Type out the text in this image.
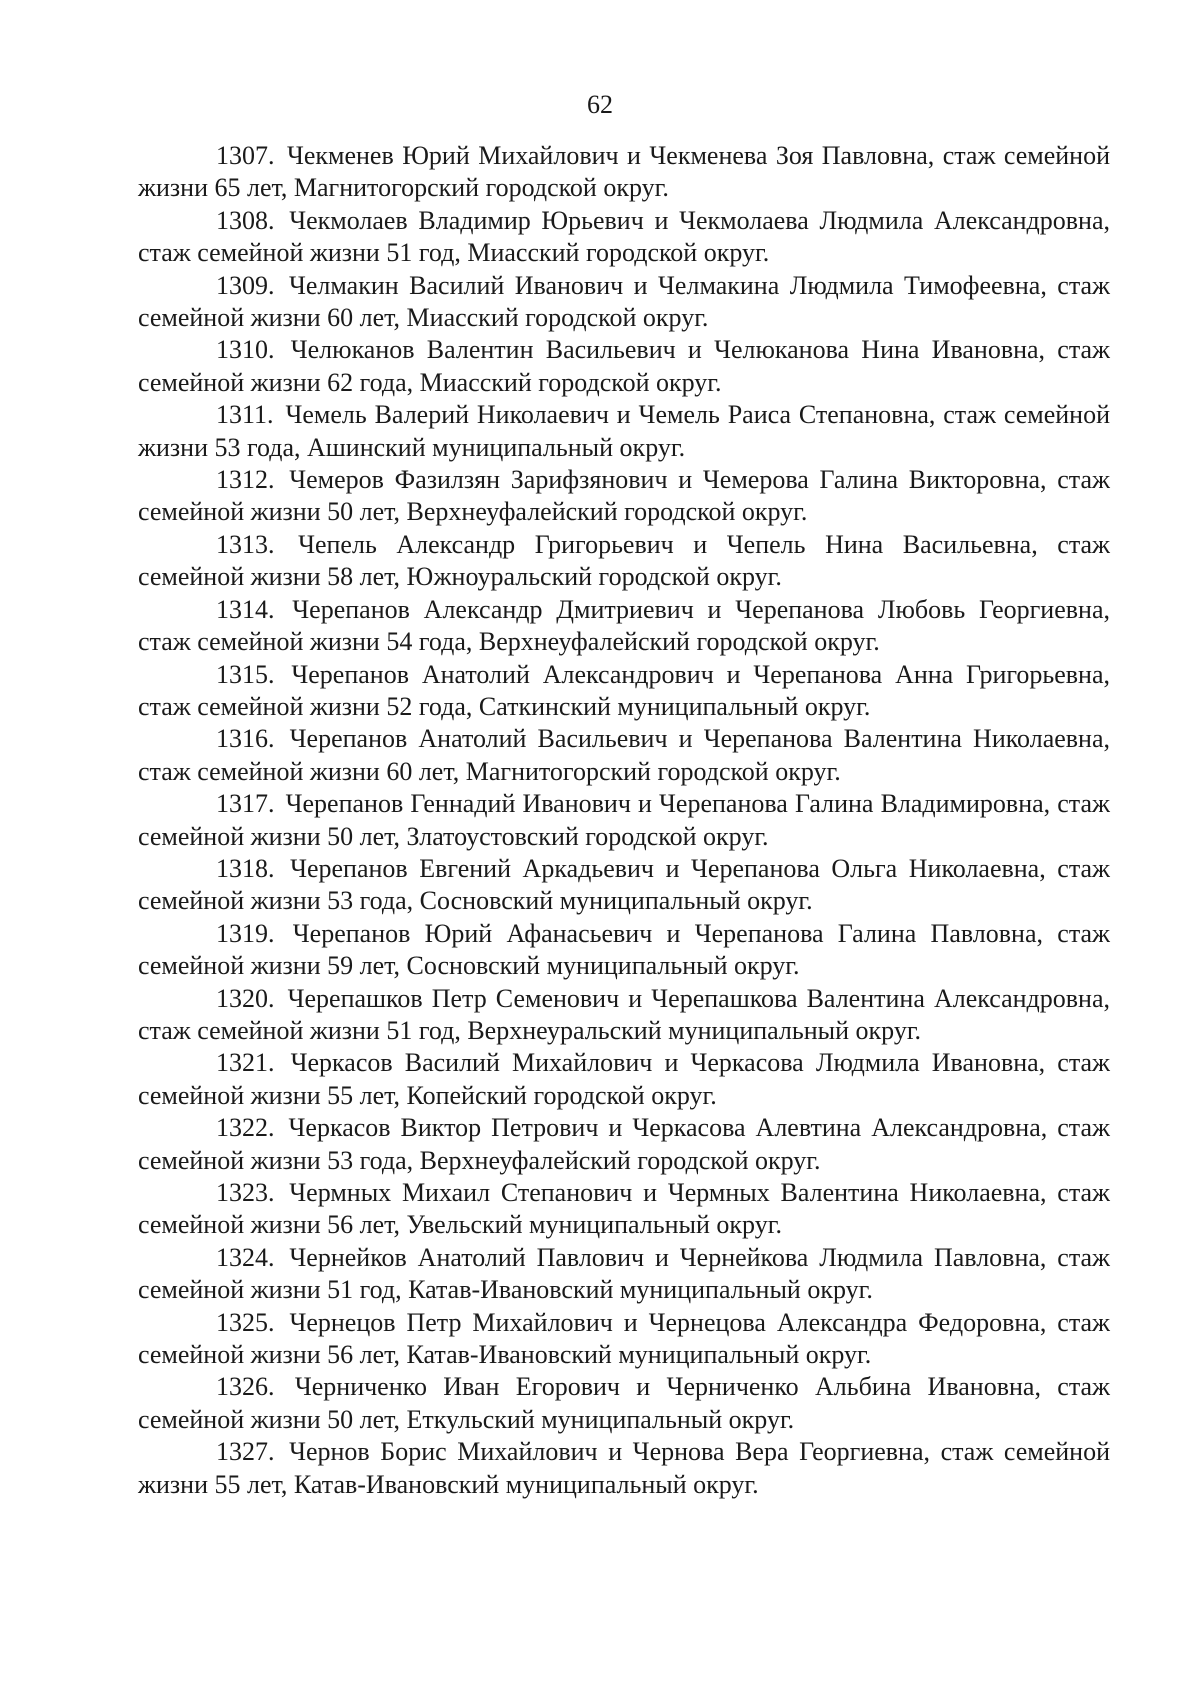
62

1307. Чекменев Юрий Михайлович и Чекменева Зоя Павловна, стаж семейной жизни 65 лет, Магнитогорский городской округ.

1308. Чекмолаев Владимир Юрьевич и Чекмолаева Людмила Александровна, стаж семейной жизни 51 год, Миасский городской округ.

1309. Челмакин Василий Иванович и Челмакина Людмила Тимофеевна, стаж семейной жизни 60 лет, Миасский городской округ.

1310. Челюканов Валентин Васильевич и Челюканова Нина Ивановна, стаж семейной жизни 62 года, Миасский городской округ.

1311. Чемель Валерий Николаевич и Чемель Раиса Степановна, стаж семейной жизни 53 года, Ашинский муниципальный округ.

1312. Чемеров Фазилзян Зарифзянович и Чемерова Галина Викторовна, стаж семейной жизни 50 лет, Верхнеуфалейский городской округ.

1313. Чепель Александр Григорьевич и Чепель Нина Васильевна, стаж семейной жизни 58 лет, Южноуральский городской округ.

1314. Черепанов Александр Дмитриевич и Черепанова Любовь Георгиевна, стаж семейной жизни 54 года, Верхнеуфалейский городской округ.

1315. Черепанов Анатолий Александрович и Черепанова Анна Григорьевна, стаж семейной жизни 52 года, Саткинский муниципальный округ.

1316. Черепанов Анатолий Васильевич и Черепанова Валентина Николаевна, стаж семейной жизни 60 лет, Магнитогорский городской округ.

1317. Черепанов Геннадий Иванович и Черепанова Галина Владимировна, стаж семейной жизни 50 лет, Златоустовский городской округ.

1318. Черепанов Евгений Аркадьевич и Черепанова Ольга Николаевна, стаж семейной жизни 53 года, Сосновский муниципальный округ.

1319. Черепанов Юрий Афанасьевич и Черепанова Галина Павловна, стаж семейной жизни 59 лет, Сосновский муниципальный округ.

1320. Черепашков Петр Семенович и Черепашкова Валентина Александровна, стаж семейной жизни 51 год, Верхнеуральский муниципальный округ.

1321. Черкасов Василий Михайлович и Черкасова Людмила Ивановна, стаж семейной жизни 55 лет, Копейский городской округ.

1322. Черкасов Виктор Петрович и Черкасова Алевтина Александровна, стаж семейной жизни 53 года, Верхнеуфалейский городской округ.

1323. Чермных Михаил Степанович и Чермных Валентина Николаевна, стаж семейной жизни 56 лет, Увельский муниципальный округ.

1324. Чернейков Анатолий Павлович и Чернейкова Людмила Павловна, стаж семейной жизни 51 год, Катав-Ивановский муниципальный округ.

1325. Чернецов Петр Михайлович и Чернецова Александра Федоровна, стаж семейной жизни 56 лет, Катав-Ивановский муниципальный округ.

1326. Черниченко Иван Егорович и Черниченко Альбина Ивановна, стаж семейной жизни 50 лет, Еткульский муниципальный округ.

1327. Чернов Борис Михайлович и Чернова Вера Георгиевна, стаж семейной жизни 55 лет, Катав-Ивановский муниципальный округ.
